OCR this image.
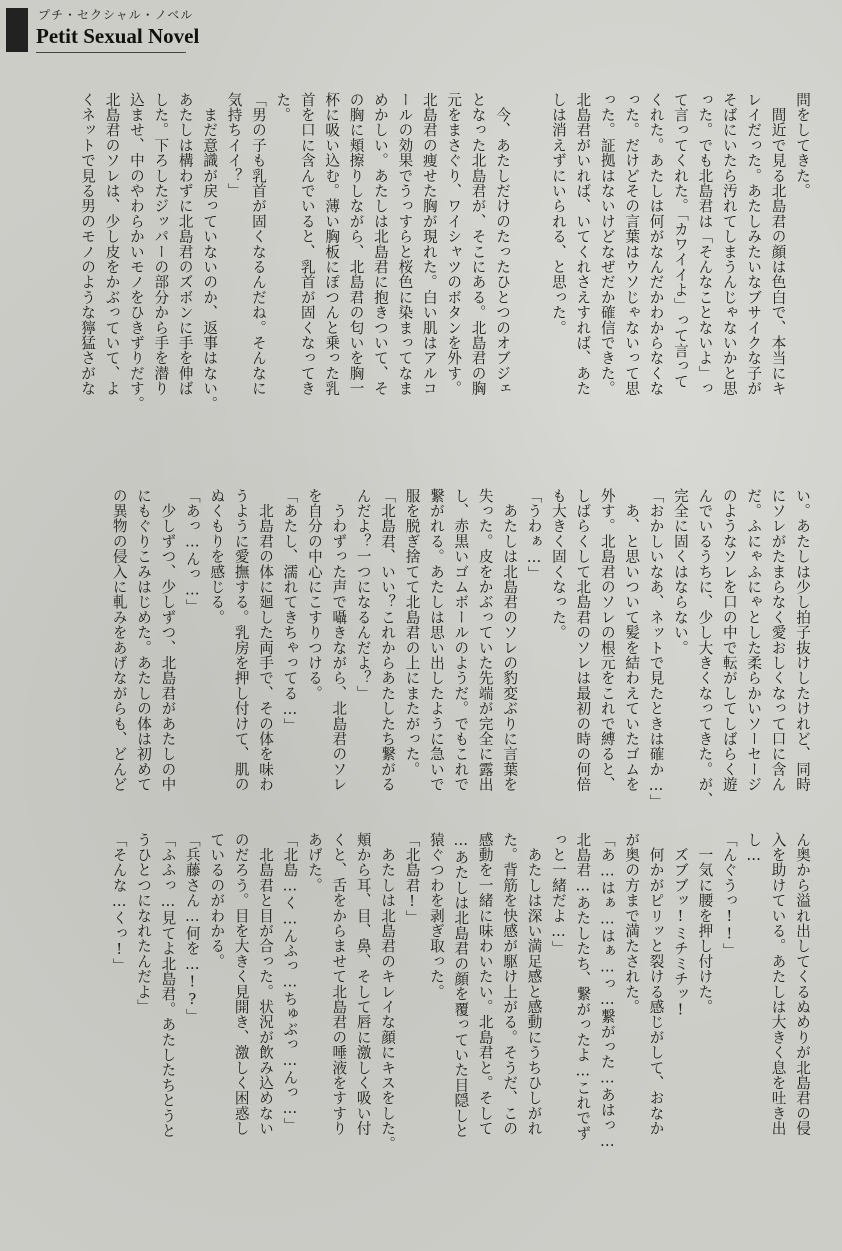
プチ・セクシャル・ノベル
Petit Sexual Novel
問をしてきた。
　間近で見る北島君の顔は色白で、本当にキ
レイだった。あたしみたいなブサイクな子が
そばにいたら汚れてしまうんじゃないかと思
った。でも北島君は「そんなことないよ」っ
て言ってくれた。「カワイイよ」って言って
くれた。あたしは何がなんだかわからなくな
った。だけどその言葉はウソじゃないって思
った。証拠はないけどなぜだか確信できた。
北島君がいれば、いてくれさえすれば、あた
しは消えずにいられる、と思った。
　今、あたしだけのたったひとつのオブジェ
となった北島君が、そこにある。北島君の胸
元をまさぐり、ワイシャツのボタンを外す。
北島君の痩せた胸が現れた。白い肌はアルコ
ールの効果でうっすらと桜色に染まってなま
めかしい。あたしは北島君に抱きついて、そ
の胸に頬擦りしながら、北島君の匂いを胸一
杯に吸い込む。薄い胸板にぽつんと乗った乳
首を口に含んでいると、乳首が固くなってき
た。
「男の子も乳首が固くなるんだね。そんなに
気持ちイイ？」
　まだ意識が戻っていないのか、返事はない。
あたしは構わずに北島君のズボンに手を伸ば
した。下ろしたジッパーの部分から手を潜り
込ませ、中のやわらかいモノをひきずりだす。
北島君のソレは、少し皮をかぶっていて、よ
くネットで見る男のモノのような獰猛さがな
い。あたしは少し拍子抜けしたけれど、同時
にソレがたまらなく愛おしくなって口に含ん
だ。ふにゃふにゃとした柔らかいソーセージ
のようなソレを口の中で転がしてしばらく遊
んでいるうちに、少し大きくなってきた。が、
完全に固くはならない。
「おかしいなあ、ネットで見たときは確か…」
　あ、と思いついて髪を結わえていたゴムを
外す。北島君のソレの根元をこれで縛ると、
しばらくして北島君のソレは最初の時の何倍
も大きく固くなった。
「うわぁ…」
　あたしは北島君のソレの豹変ぶりに言葉を
失った。皮をかぶっていた先端が完全に露出
し、赤黒いゴムボールのようだ。でもこれで
繋がれる。あたしは思い出したように急いで
服を脱ぎ捨てて北島君の上にまたがった。
「北島君、いい？これからあたしたち繋がる
んだよ？一つになるんだよ？」
　うわずった声で囁きながら、北島君のソレ
を自分の中心にこすりつける。
「あたし、濡れてきちゃってる…」
　北島君の体に廻した両手で、その体を味わ
うように愛撫する。乳房を押し付けて、肌の
ぬくもりを感じる。
「あっ…んっ…」
　少しずつ、少しずつ、北島君があたしの中
にもぐりこみはじめた。あたしの体は初めて
の異物の侵入に軋みをあげながらも、どんど
ん奥から溢れ出してくるぬめりが北島君の侵
入を助けている。あたしは大きく息を吐き出
し…
「んぐうっ!!」
　一気に腰を押し付けた。
　ズブブッ!ミチミチッ!
　何かがピリッと裂ける感じがして、おなか
が奥の方まで満たされた。
「あ…はぁ…はぁ…っ…繋がった…あはっ…
北島君…あたしたち、繋がったよ…これでず
っと一緒だよ…」
　あたしは深い満足感と感動にうちひしがれ
た。背筋を快感が駆け上がる。そうだ、この
感動を一緒に味わいたい。北島君と。そして
…あたしは北島君の顔を覆っていた目隠しと
猿ぐつわを剥ぎ取った。
「北島君!」
　あたしは北島君のキレイな顔にキスをした。
頬から耳、目、鼻、そして唇に激しく吸い付
くと、舌をからませて北島君の唾液をすすり
あげた。
「北島…く…んふっ…ちゅぶっ…んっ…」
　北島君と目が合った。状況が飲み込めない
のだろう。目を大きく見開き、激しく困惑し
ているのがわかる。
「兵藤さん…何を…!?」
「ふふっ…見てよ北島君。あたしたちとうと
うひとつになれたんだよ」
「そんな…くっ!」
